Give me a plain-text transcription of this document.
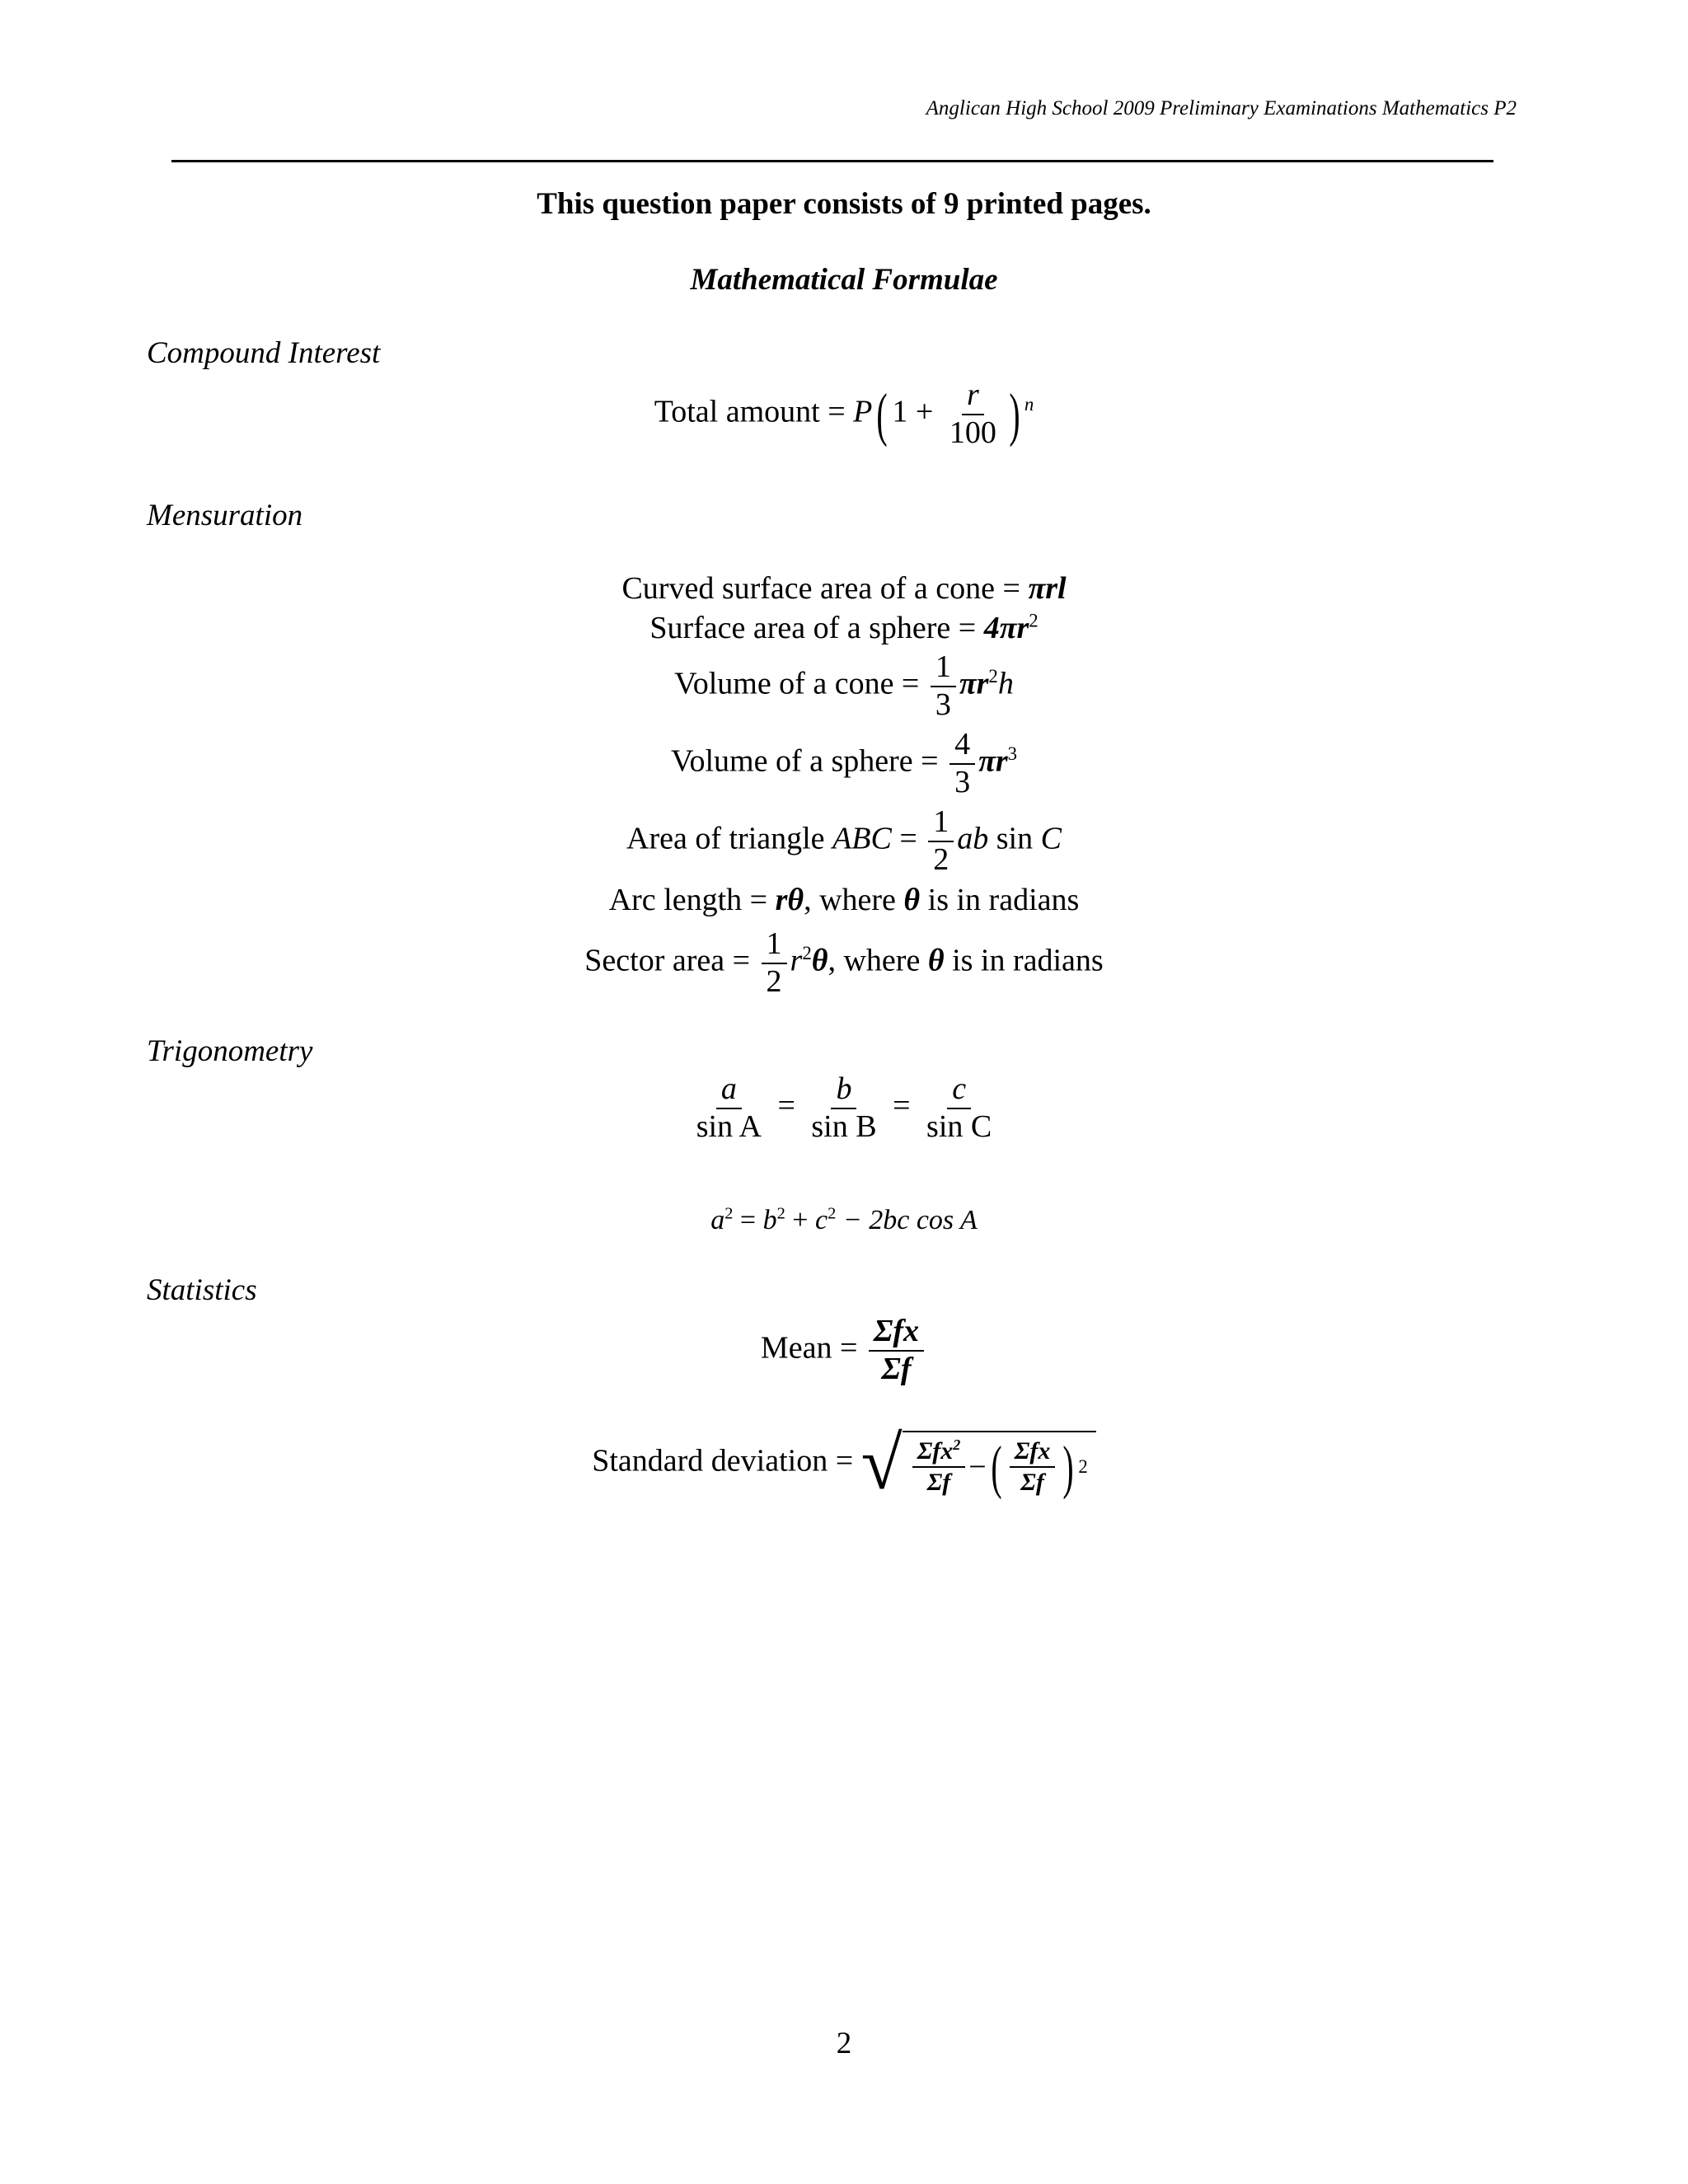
Anglican High School 2009 Preliminary Examinations Mathematics P2
This question paper consists of 9 printed pages.
Mathematical Formulae
Compound Interest
Total amount = P( $1 + \frac{r}{100}$ ) $^n$
Mensuration
Curved surface area of a cone = πrl
Surface area of a sphere = $4\pi r^2$
Volume of a cone = $\frac{1}{3} \pi r^2h$
Volume of a sphere = $\frac{4}{3} \pi r^3$
Area of triangle ABC = $\frac{1}{2}$ ab sin C
Arc length = rθ, where θ is in radians
Sector area = $\frac{1}{2} r^2\theta$, where θ is in radians
Trigonometry
$\frac{a}{\text{sin A}} = \frac{b}{\text{sin B}} = \frac{c}{\text{sin C}}$
$a^2 = b^2 + c^2 - 2bc$ cos A
Statistics
Mean = $\frac{\text{Σfx}}{\Sigma f}$
Standard deviation = √ $\frac{\Sigma fx^2}{\Sigma f}$ − ( $\frac{\text{Σfx}}{\Sigma f}$ ) 2
2
